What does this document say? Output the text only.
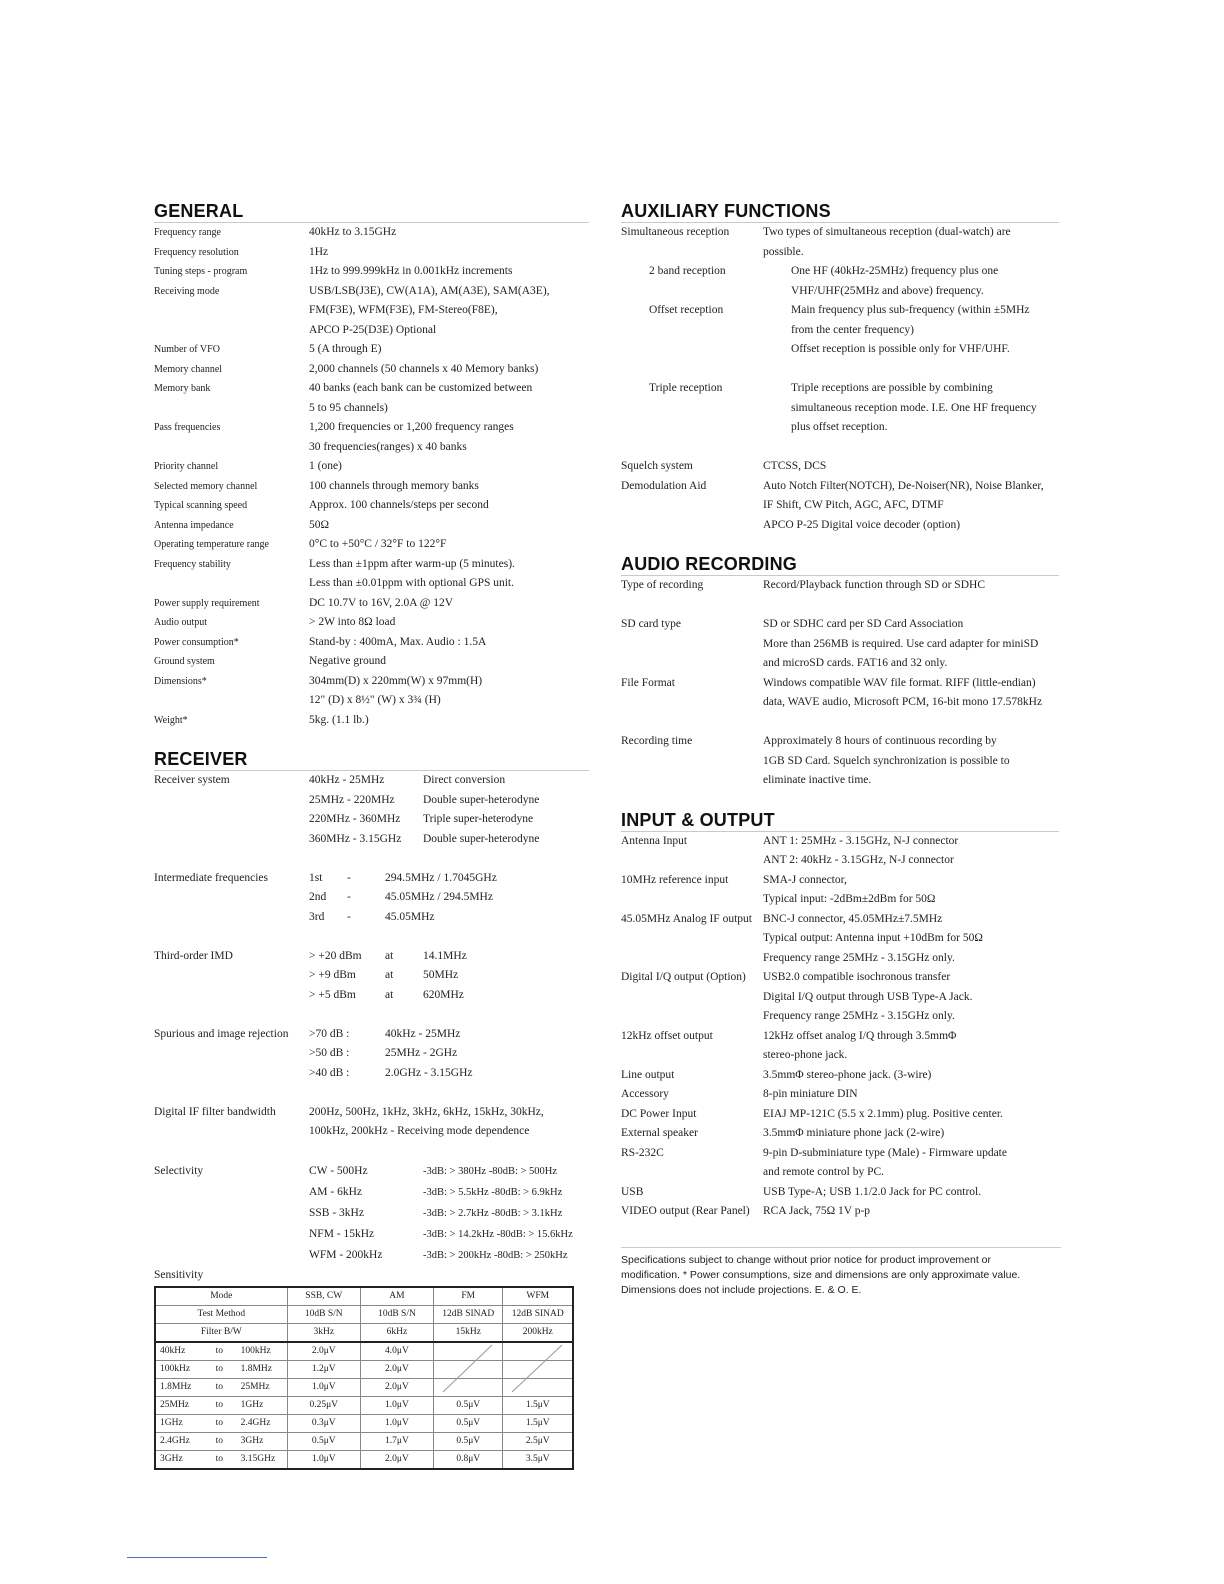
GENERAL
Frequency range	40kHz to 3.15GHz
Frequency resolution	1Hz
Tuning steps - program	1Hz to 999.999kHz in 0.001kHz increments
Receiving mode	USB/LSB(J3E), CW(A1A), AM(A3E), SAM(A3E),
FM(F3E), WFM(F3E), FM-Stereo(F8E),
APCO P-25(D3E) Optional
Number of VFO	5 (A through E)
Memory channel	2,000 channels (50 channels x 40 Memory banks)
Memory bank	40 banks (each bank can be customized between
5 to 95 channels)
Pass frequencies	1,200 frequencies or 1,200 frequency ranges
30 frequencies(ranges) x 40 banks
Priority channel	1 (one)
Selected memory channel	100 channels through memory banks
Typical scanning speed	Approx. 100 channels/steps per second
Antenna impedance	50Ω
Operating temperature range	0°C to +50°C / 32°F to 122°F
Frequency stability	Less than ±1ppm after warm-up (5 minutes).
Less than ±0.01ppm with optional GPS unit.
Power supply requirement	DC 10.7V to 16V, 2.0A @ 12V
Audio output	> 2W into 8Ω load
Power consumption*	Stand-by : 400mA, Max. Audio : 1.5A
Ground system	Negative ground
Dimensions*	304mm(D) x 220mm(W) x 97mm(H)
12" (D) x 8½" (W) x 3¾ (H)
Weight*	5kg. (1.1 lb.)
RECEIVER
Receiver system	40kHz - 25MHz	Direct conversion
25MHz - 220MHz	Double super-heterodyne
220MHz - 360MHz	Triple super-heterodyne
360MHz - 3.15GHz	Double super-heterodyne
Intermediate frequencies	1st	-	294.5MHz / 1.7045GHz
2nd	-	45.05MHz / 294.5MHz
3rd	-	45.05MHz
Third-order IMD	> +20 dBm	at	14.1MHz
> +9 dBm	at	50MHz
> +5 dBm	at	620MHz
Spurious and image rejection	>70 dB :	40kHz - 25MHz
>50 dB :	25MHz - 2GHz
>40 dB :	2.0GHz - 3.15GHz
Digital IF filter bandwidth	200Hz, 500Hz, 1kHz, 3kHz, 6kHz, 15kHz, 30kHz,
100kHz, 200kHz - Receiving mode dependence
Selectivity	CW - 500Hz	-3dB: > 380Hz -80dB: > 500Hz
AM - 6kHz	-3dB: > 5.5kHz -80dB: > 6.9kHz
SSB - 3kHz	-3dB: > 2.7kHz -80dB: > 3.1kHz
NFM - 15kHz	-3dB: > 14.2kHz -80dB: > 15.6kHz
WFM - 200kHz	-3dB: > 200kHz -80dB: > 250kHz
Sensitivity
Mode	SSB, CW	AM	FM	WFM
Test Method	10dB S/N	10dB S/N	12dB SINAD	12dB SINAD
Filter B/W	3kHz	6kHz	15kHz	200kHz

40kHz to 100kHz	2.0μV	4.0μV		

100kHz to 1.8MHz	1.2μV	2.0μV		

1.8MHz to 25MHz	1.0μV	2.0μV		

25MHz to 1GHz	0.25μV	1.0μV	0.5μV	1.5μV

1GHz to 2.4GHz	0.3μV	1.0μV	0.5μV	1.5μV

2.4GHz to 3GHz	0.5μV	1.7μV	0.5μV	2.5μV

3GHz to 3.15GHz	1.0μV	2.0μV	0.8μV	3.5μV
AUXILIARY FUNCTIONS
Simultaneous reception	Two types of simultaneous reception (dual-watch) are
possible.
2 band reception	One HF (40kHz-25MHz) frequency plus one
VHF/UHF(25MHz and above) frequency.
Offset reception	Main frequency plus sub-frequency (within ±5MHz
from the center frequency)
Offset reception is possible only for VHF/UHF.
Triple reception	Triple receptions are possible by combining
simultaneous reception mode. I.E. One HF frequency
plus offset reception.
Squelch system	CTCSS, DCS
Demodulation Aid	Auto Notch Filter(NOTCH), De-Noiser(NR), Noise Blanker,
IF Shift, CW Pitch, AGC, AFC, DTMF
APCO P-25 Digital voice decoder (option)
AUDIO RECORDING
Type of recording	Record/Playback function through SD or SDHC
SD card type	SD or SDHC card per SD Card Association
More than 256MB is required. Use card adapter for miniSD
and microSD cards. FAT16 and 32 only.
File Format	Windows compatible WAV file format. RIFF (little-endian)
data, WAVE audio, Microsoft PCM, 16-bit mono 17.578kHz
Recording time	Approximately 8 hours of continuous recording by
1GB SD Card. Squelch synchronization is possible to
eliminate inactive time.
INPUT & OUTPUT
Antenna Input	ANT 1: 25MHz - 3.15GHz, N-J connector
ANT 2: 40kHz - 3.15GHz, N-J connector
10MHz reference input	SMA-J connector,
Typical input: -2dBm±2dBm for 50Ω
45.05MHz Analog IF output BNC-J connector, 45.05MHz±7.5MHz
Typical output: Antenna input +10dBm for 50Ω
Frequency range 25MHz - 3.15GHz only.
Digital I/Q output (Option)	USB2.0 compatible isochronous transfer
Digital I/Q output through USB Type-A Jack.
Frequency range 25MHz - 3.15GHz only.
12kHz offset output	12kHz offset analog I/Q through 3.5mmΦ
stereo-phone jack.
Line output	3.5mmΦ stereo-phone jack. (3-wire)
Accessory	8-pin miniature DIN
DC Power Input	EIAJ MP-121C (5.5 x 2.1mm) plug. Positive center.
External speaker	3.5mmΦ miniature phone jack (2-wire)
RS-232C	9-pin D-subminiature type (Male) - Firmware update
and remote control by PC.
USB	USB Type-A; USB 1.1/2.0 Jack for PC control.
VIDEO output (Rear Panel)	RCA Jack, 75Ω 1V p-p
Specifications subject to change without prior notice for product improvement or
modification. * Power consumptions, size and dimensions are only approximate value.
Dimensions does not include projections. E. & O. E.
